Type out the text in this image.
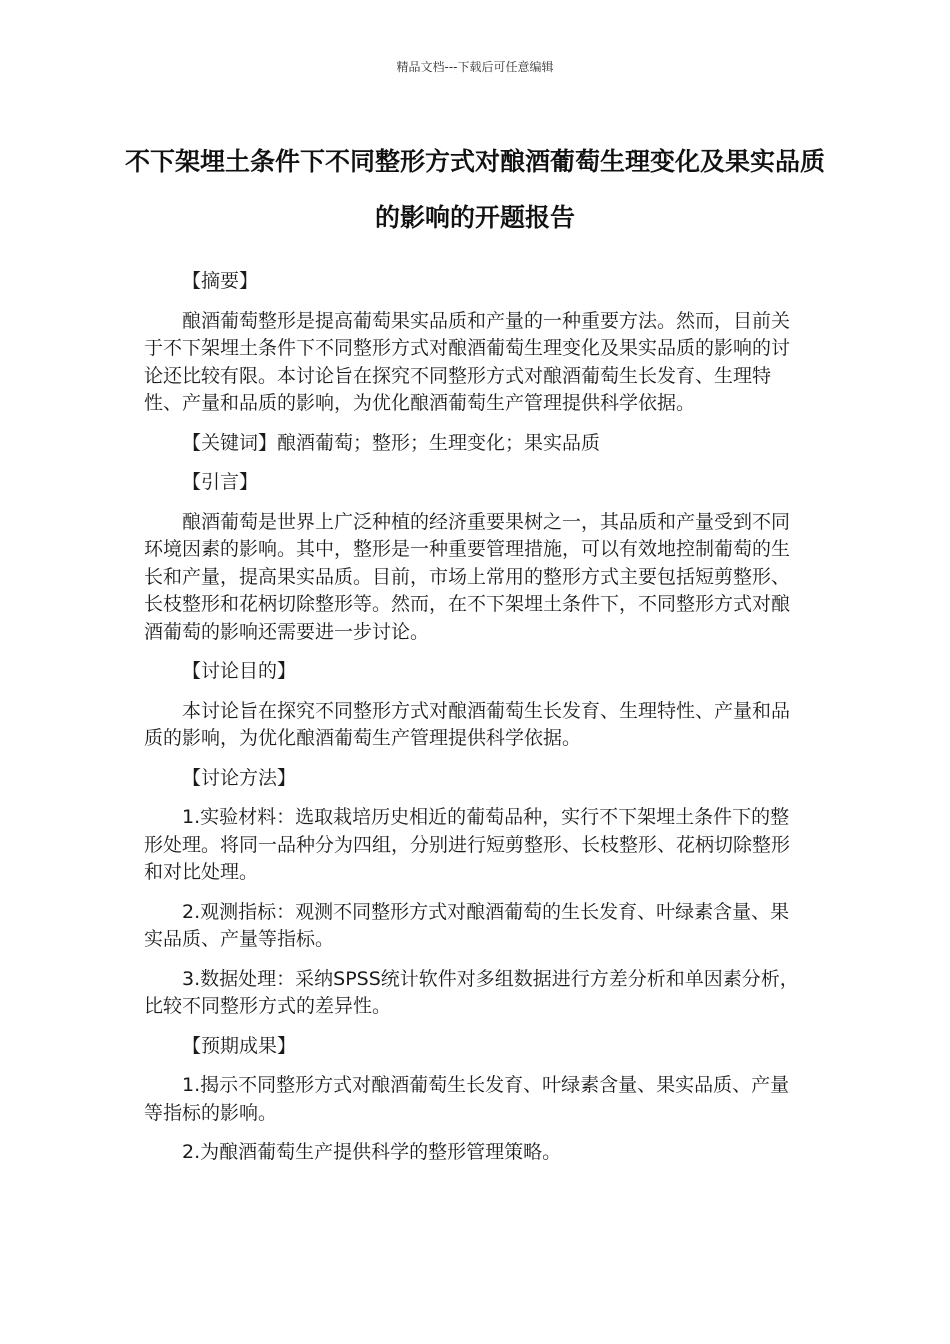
精品文档---下载后可任意编辑
不下架埋土条件下不同整形方式对酿酒葡萄生理变化及果实品质的影响的开题报告

【摘要】

酿酒葡萄整形是提高葡萄果实品质和产量的一种重要方法。然而，目前关于不下架埋土条件下不同整形方式对酿酒葡萄生理变化及果实品质的影响的讨论还比较有限。本讨论旨在探究不同整形方式对酿酒葡萄生长发育、生理特性、产量和品质的影响，为优化酿酒葡萄生产管理提供科学依据。

【关键词】酿酒葡萄；整形；生理变化；果实品质

【引言】

酿酒葡萄是世界上广泛种植的经济重要果树之一，其品质和产量受到不同环境因素的影响。其中，整形是一种重要管理措施，可以有效地控制葡萄的生长和产量，提高果实品质。目前，市场上常用的整形方式主要包括短剪整形、长枝整形和花柄切除整形等。然而，在不下架埋土条件下，不同整形方式对酿酒葡萄的影响还需要进一步讨论。

【讨论目的】

本讨论旨在探究不同整形方式对酿酒葡萄生长发育、生理特性、产量和品质的影响，为优化酿酒葡萄生产管理提供科学依据。

【讨论方法】

1.实验材料：选取栽培历史相近的葡萄品种，实行不下架埋土条件下的整形处理。将同一品种分为四组，分别进行短剪整形、长枝整形、花柄切除整形和对比处理。

2.观测指标：观测不同整形方式对酿酒葡萄的生长发育、叶绿素含量、果实品质、产量等指标。

3.数据处理：采纳SPSS统计软件对多组数据进行方差分析和单因素分析，比较不同整形方式的差异性。

【预期成果】

1.揭示不同整形方式对酿酒葡萄生长发育、叶绿素含量、果实品质、产量等指标的影响。

2.为酿酒葡萄生产提供科学的整形管理策略。
